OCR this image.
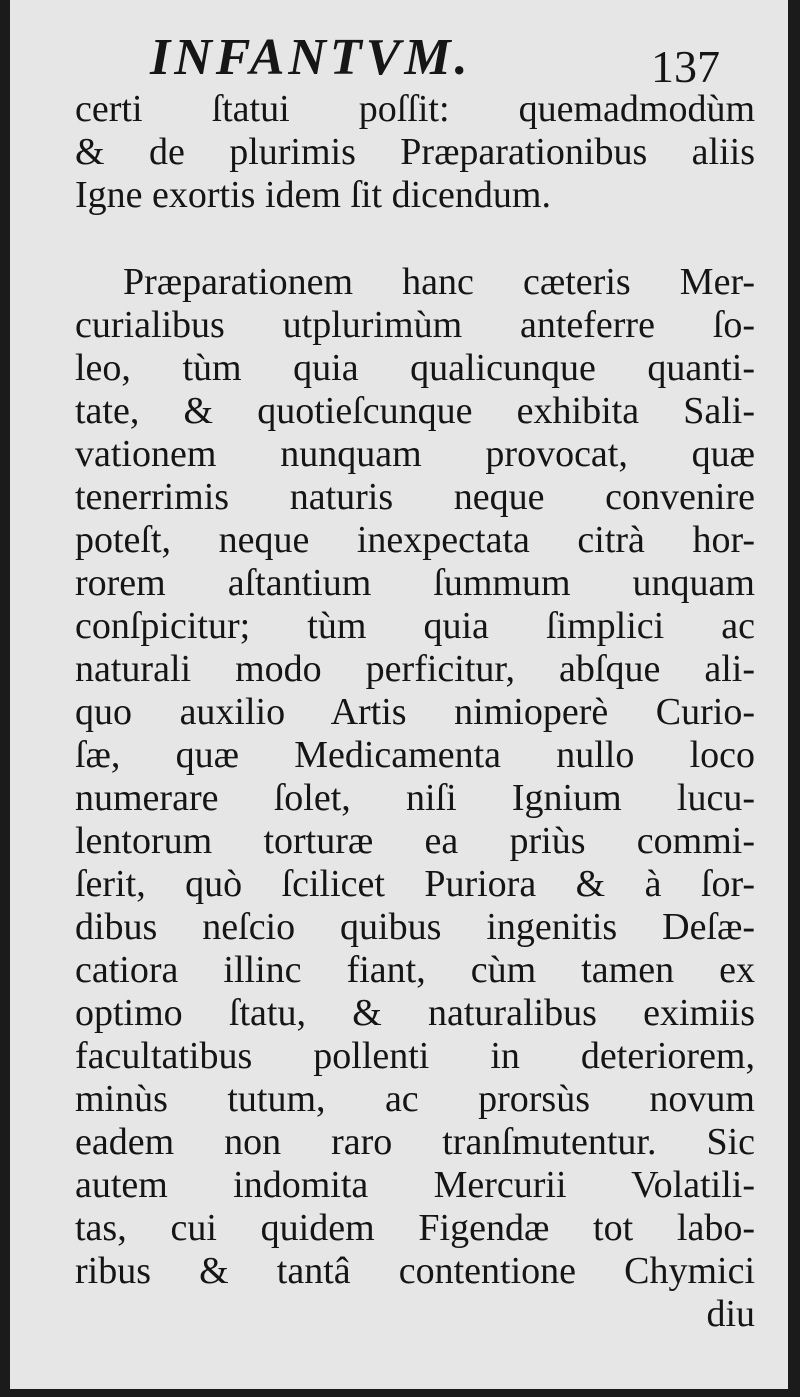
INFANTVM.	137
certi ſtatui poſſit: quemadmodùm
& de plurimis Præparationibus aliis
Igne exortis idem ſit dicendum.
Præparationem hanc cæteris Mer-
curialibus utplurimùm anteferre ſo-
leo, tùm quia qualicunque quanti-
tate, & quotieſcunque exhibita Sali-
vationem nunquam provocat, quæ
tenerrimis naturis neque convenire
poteſt, neque inexpectata citrà hor-
rorem aſtantium ſummum unquam
conſpicitur; tùm quia ſimplici ac
naturali modo perficitur, abſque ali-
quo auxilio Artis nimioperè Curio-
ſæ, quæ Medicamenta nullo loco
numerare ſolet, niſi Ignium lucu-
lentorum torturæ ea priùs commi-
ſerit, quò ſcilicet Puriora & à ſor-
dibus neſcio quibus ingenitis Deſæ-
catiora illinc fiant, cùm tamen ex
optimo ſtatu, & naturalibus eximiis
facultatibus pollenti in deteriorem,
minùs tutum, ac prorsùs novum
eadem non raro tranſmutentur. Sic
autem indomita Mercurii Volatili-
tas, cui quidem Figendæ tot labo-
ribus & tantâ contentione Chymici
diu
